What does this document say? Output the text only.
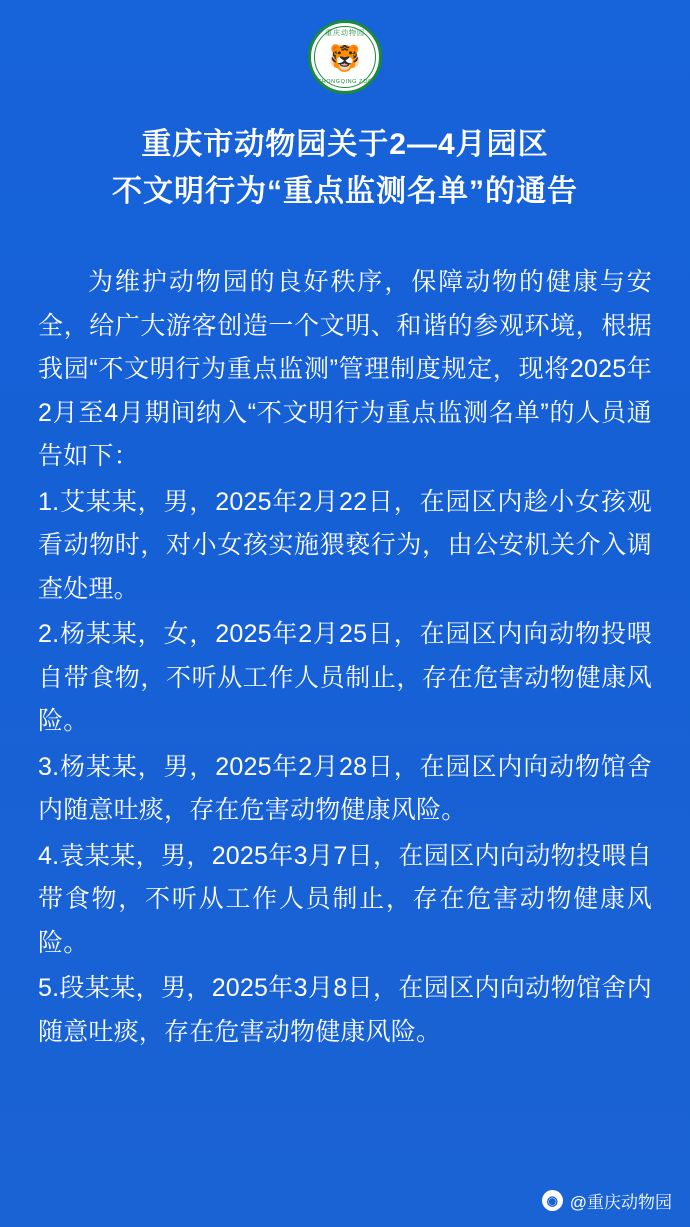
重庆动物园
🐯
CHONGQING ZOO
重庆市动物园关于2—4月园区
不文明行为“重点监测名单”的通告

为维护动物园的良好秩序，保障动物的健康与安全，给广大游客创造一个文明、和谐的参观环境，根据我园“不文明行为重点监测”管理制度规定，现将2025年2月至4月期间纳入“不文明行为重点监测名单”的人员通告如下：

1.艾某某，男，2025年2月22日，在园区内趁小女孩观看动物时，对小女孩实施猥亵行为，由公安机关介入调查处理。

2.杨某某，女，2025年2月25日，在园区内向动物投喂自带食物，不听从工作人员制止，存在危害动物健康风险。

3.杨某某，男，2025年2月28日，在园区内向动物馆舍内随意吐痰，存在危害动物健康风险。

4.袁某某，男，2025年3月7日，在园区内向动物投喂自带食物，不听从工作人员制止，存在危害动物健康风险。

5.段某某，男，2025年3月8日，在园区内向动物馆舍内随意吐痰，存在危害动物健康风险。

◉ @重庆动物园
